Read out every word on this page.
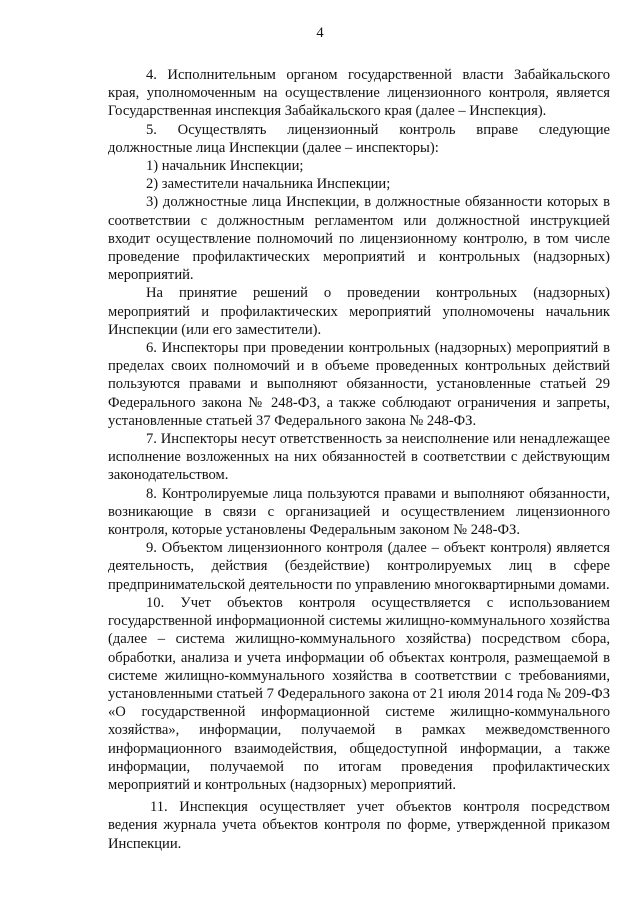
4

4. Исполнительным органом государственной власти Забайкальского края, уполномоченным на осуществление лицензионного контроля, является Государственная инспекция Забайкальского края (далее – Инспекция).

5. Осуществлять лицензионный контроль вправе следующие должностные лица Инспекции (далее – инспекторы):

1) начальник Инспекции;

2) заместители начальника Инспекции;

3) должностные лица Инспекции, в должностные обязанности которых в соответствии с должностным регламентом или должностной инструкцией входит осуществление полномочий по лицензионному контролю, в том числе проведение профилактических мероприятий и контрольных (надзорных) мероприятий.

На принятие решений о проведении контрольных (надзорных) мероприятий и профилактических мероприятий уполномочены начальник Инспекции (или его заместители).

6. Инспекторы при проведении контрольных (надзорных) мероприятий в пределах своих полномочий и в объеме проведенных контрольных действий пользуются правами и выполняют обязанности, установленные статьей 29 Федерального закона № 248-ФЗ, а также соблюдают ограничения и запреты, установленные статьей 37 Федерального закона № 248-ФЗ.

7. Инспекторы несут ответственность за неисполнение или ненадлежащее исполнение возложенных на них обязанностей в соответствии с действующим законодательством.

8. Контролируемые лица пользуются правами и выполняют обязанности, возникающие в связи с организацией и осуществлением лицензионного контроля, которые установлены Федеральным законом № 248-ФЗ.

9. Объектом лицензионного контроля (далее – объект контроля) является деятельность, действия (бездействие) контролируемых лиц в сфере предпринимательской деятельности по управлению многоквартирными домами.

10. Учет объектов контроля осуществляется с использованием государственной информационной системы жилищно-коммунального хозяйства (далее – система жилищно-коммунального хозяйства) посредством сбора, обработки, анализа и учета информации об объектах контроля, размещаемой в системе жилищно-коммунального хозяйства в соответствии с требованиями, установленными статьей 7 Федерального закона от 21 июля 2014 года № 209-ФЗ «О государственной информационной системе жилищно-коммунального хозяйства», информации, получаемой в рамках межведомственного информационного взаимодействия, общедоступной информации, а также информации, получаемой по итогам проведения профилактических мероприятий и контрольных (надзорных) мероприятий.

11. Инспекция осуществляет учет объектов контроля посредством ведения журнала учета объектов контроля по форме, утвержденной приказом Инспекции.
